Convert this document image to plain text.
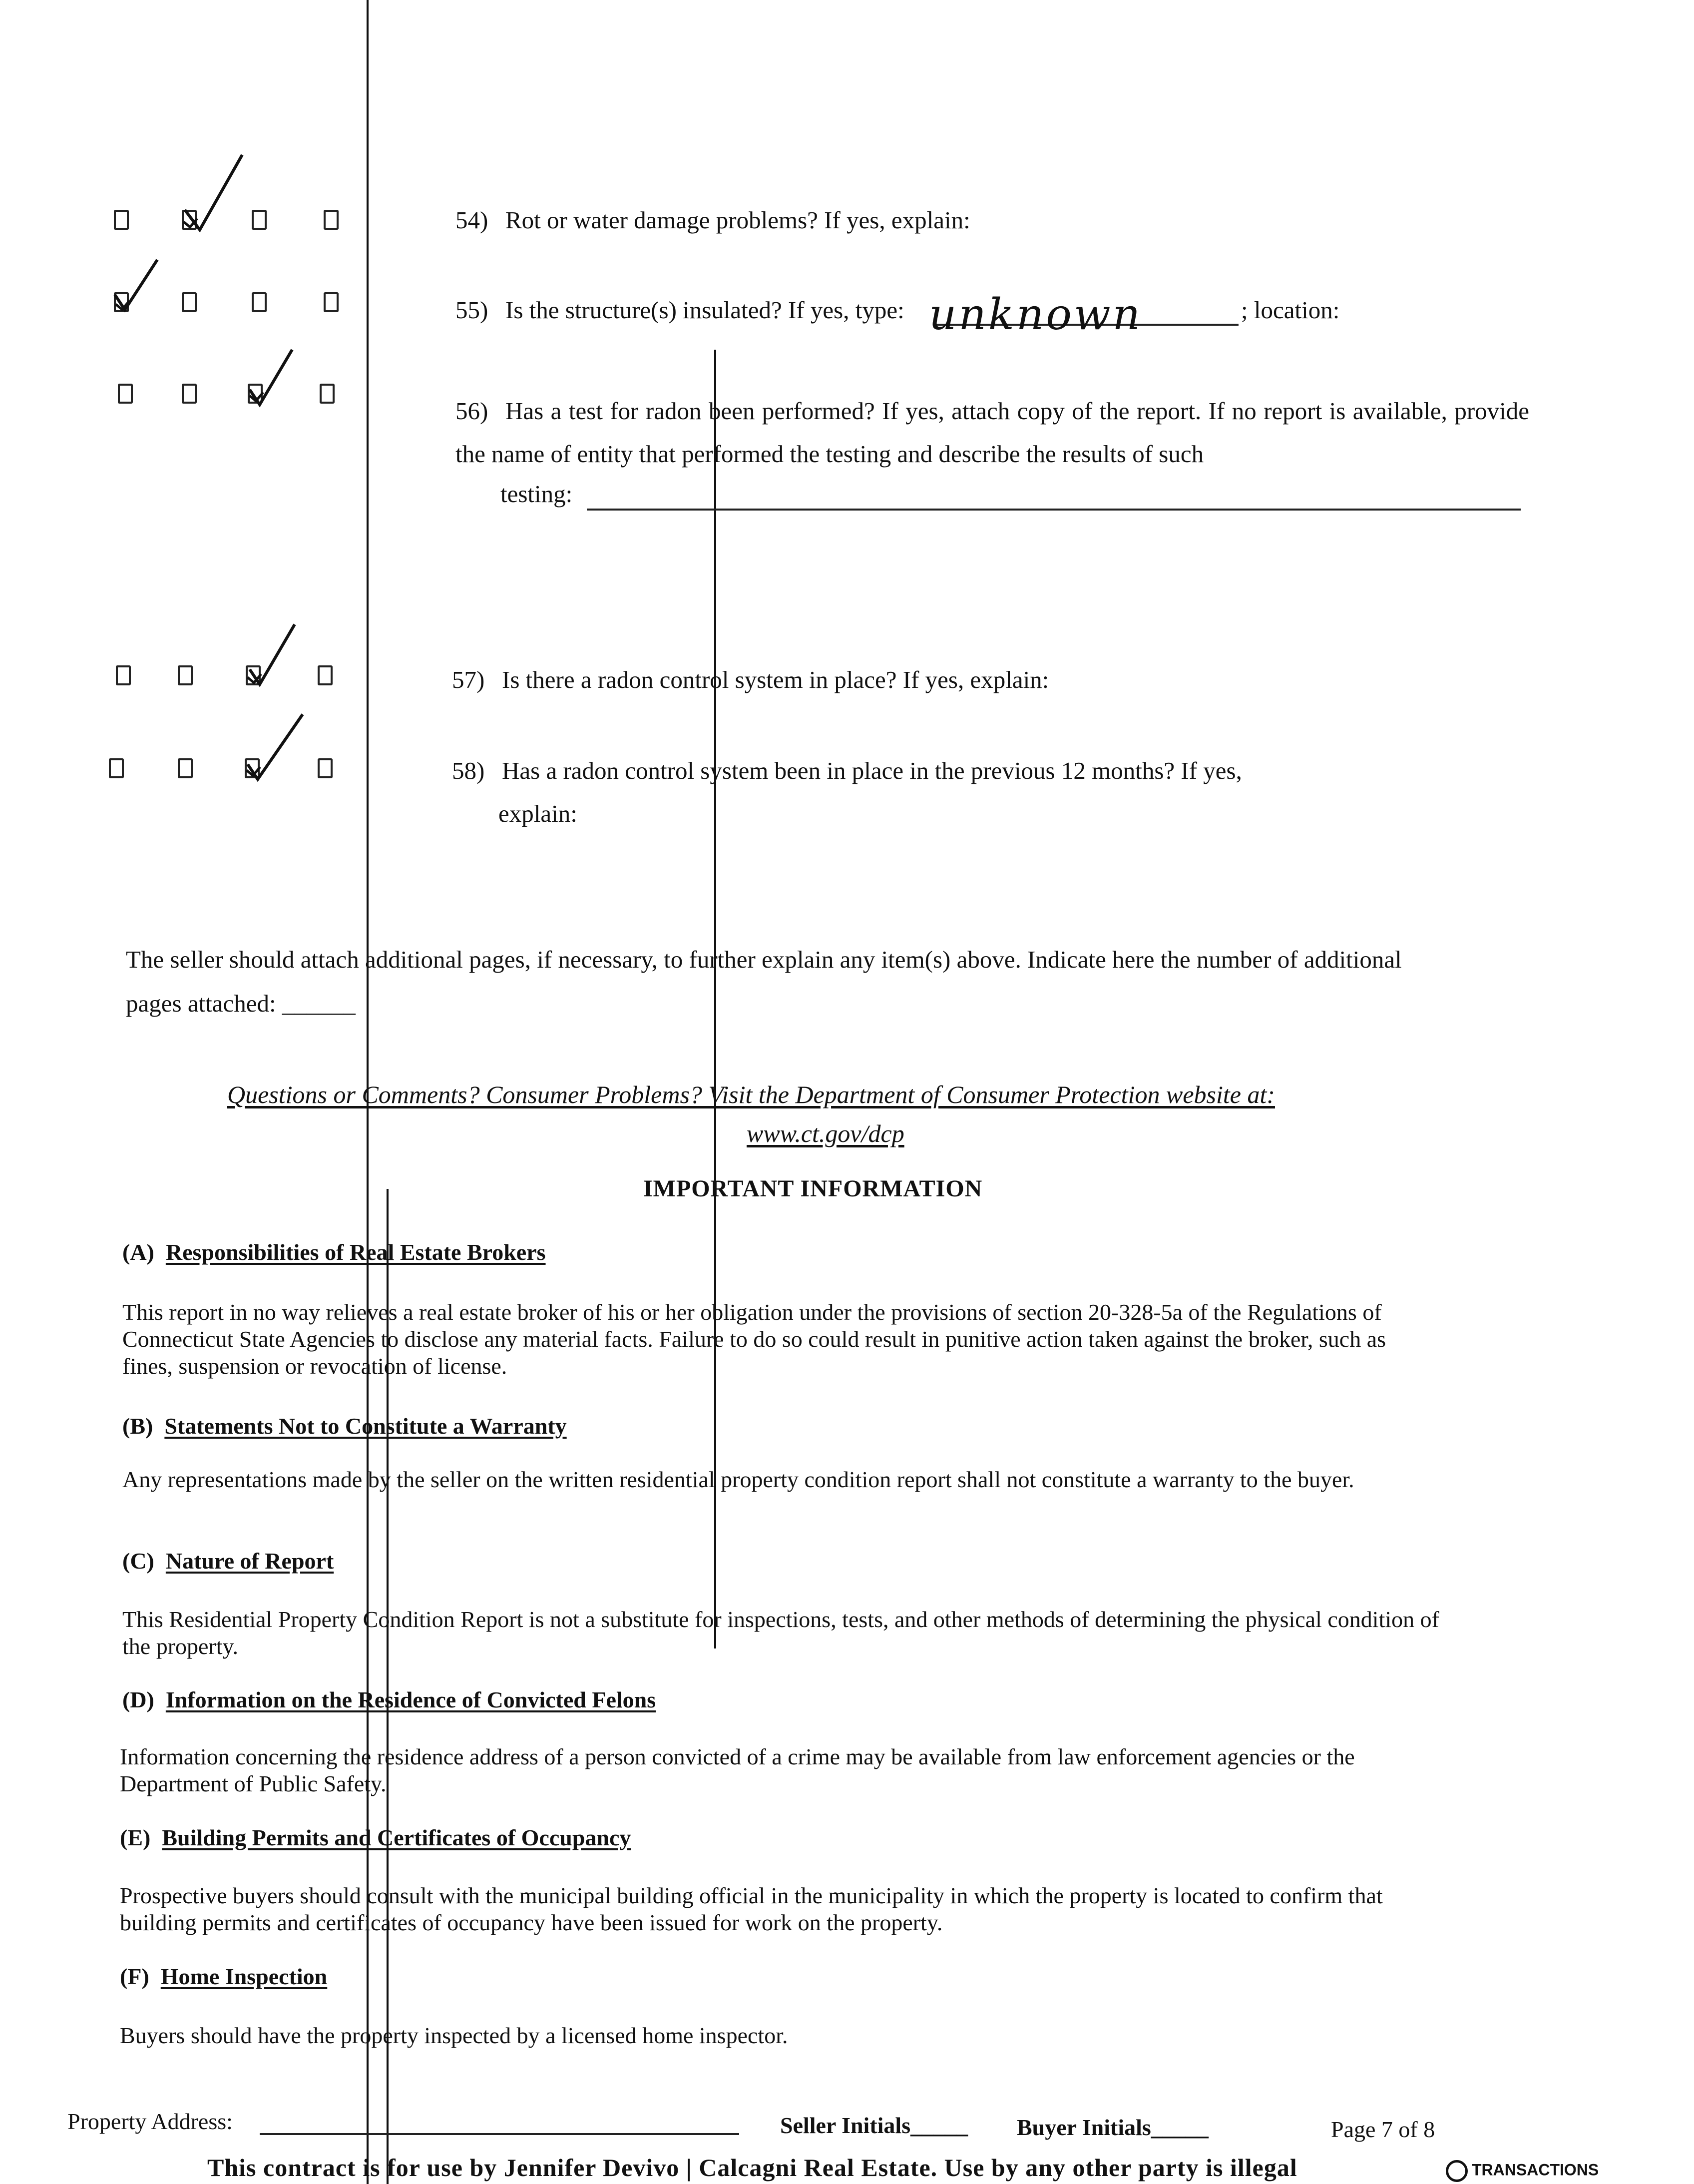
54) Rot or water damage problems? If yes, explain:
55) Is the structure(s) insulated? If yes, type: unknown	; location:
56) Has a test for radon been performed? If yes, attach copy of the report. If no report is available, provide the name of entity that performed the testing and describe the results of such
testing:
57) Is there a radon control system in place? If yes, explain:
58) Has a radon control system been in place in the previous 12 months? If yes,
explain:
The seller should attach additional pages, if necessary, to further explain any item(s) above. Indicate here the number of additional
pages attached: ______
Questions or Comments? Consumer Problems? Visit the Department of Consumer Protection website at:
www.ct.gov/dcp
IMPORTANT INFORMATION
(A) Responsibilities of Real Estate Brokers
This report in no way relieves a real estate broker of his or her obligation under the provisions of section 20-328-5a of the Regulations of Connecticut State Agencies to disclose any material facts. Failure to do so could result in punitive action taken against the broker, such as fines, suspension or revocation of license.
(B) Statements Not to Constitute a Warranty
Any representations made by the seller on the written residential property condition report shall not constitute a warranty to the buyer.
(C) Nature of Report
This Residential Property Condition Report is not a substitute for inspections, tests, and other methods of determining the physical condition of the property.
(D) Information on the Residence of Convicted Felons
Information concerning the residence address of a person convicted of a crime may be available from law enforcement agencies or the Department of Public Safety.
(E) Building Permits and Certificates of Occupancy
Prospective buyers should consult with the municipal building official in the municipality in which the property is located to confirm that building permits and certificates of occupancy have been issued for work on the property.
(F) Home Inspection
Buyers should have the property inspected by a licensed home inspector.
Property Address:	Seller Initials_____ Buyer Initials_____	Page 7 of 8
This contract is for use by Jennifer Devivo | Calcagni Real Estate. Use by any other party is illegal	TRANSACTIONS
